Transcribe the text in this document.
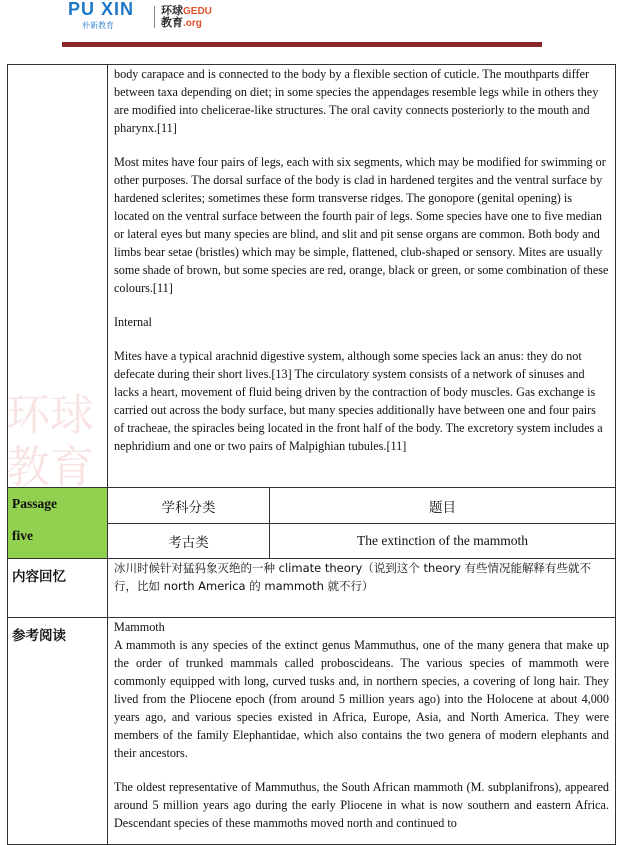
PU XIN
朴新教育
环球 GEDU
教育 .org

	body carapace and is connected to the body by a flexible section of cuticle. The mouthparts differ between taxa depending on diet; in some species the appendages resemble legs while in others they are modified into chelicerae-like structures. The oral cavity connects posteriorly to the mouth and pharynx.[11]

Most mites have four pairs of legs, each with six segments, which may be modified for swimming or other purposes. The dorsal surface of the body is clad in hardened tergites and the ventral surface by hardened sclerites; sometimes these form transverse ridges. The gonopore (genital opening) is located on the ventral surface between the fourth pair of legs. Some species have one to five median or lateral eyes but many species are blind, and slit and pit sense organs are common. Both body and limbs bear setae (bristles) which may be simple, flattened, club-shaped or sensory. Mites are usually some shade of brown, but some species are red, orange, black or green, or some combination of these colours.[11]

Internal

Mites have a typical arachnid digestive system, although some species lack an anus: they do not defecate during their short lives.[13] The circulatory system consists of a network of sinuses and lacks a heart, movement of fluid being driven by the contraction of body muscles. Gas exchange is carried out across the body surface, but many species additionally have between one and four pairs of tracheae, the spiracles being located in the front half of the body. The excretory system includes a nephridium and one or two pairs of Malpighian tubules.[11]	

Passage
five	学科分类	题目
	考古类	The extinction of the mammoth
内容回忆	冰川时候针对猛犸象灭绝的一种 climate theory（说到这个 theory 有些情况能解释有些就不行，比如 north America 的 mammoth 就不行）	

参考阅读	Mammoth

A mammoth is any species of the extinct genus Mammuthus, one of the many genera that make up the order of trunked mammals called proboscideans. The various species of mammoth were commonly equipped with long, curved tusks and, in northern species, a covering of long hair. They lived from the Pliocene epoch (from around 5 million years ago) into the Holocene at about 4,000 years ago, and various species existed in Africa, Europe, Asia, and North America. They were members of the family Elephantidae, which also contains the two genera of modern elephants and their ancestors.

The oldest representative of Mammuthus, the South African mammoth (M. subplanifrons), appeared around 5 million years ago during the early Pliocene in what is now southern and eastern Africa. Descendant species of these mammoths moved north and continued to	

环球
教育
